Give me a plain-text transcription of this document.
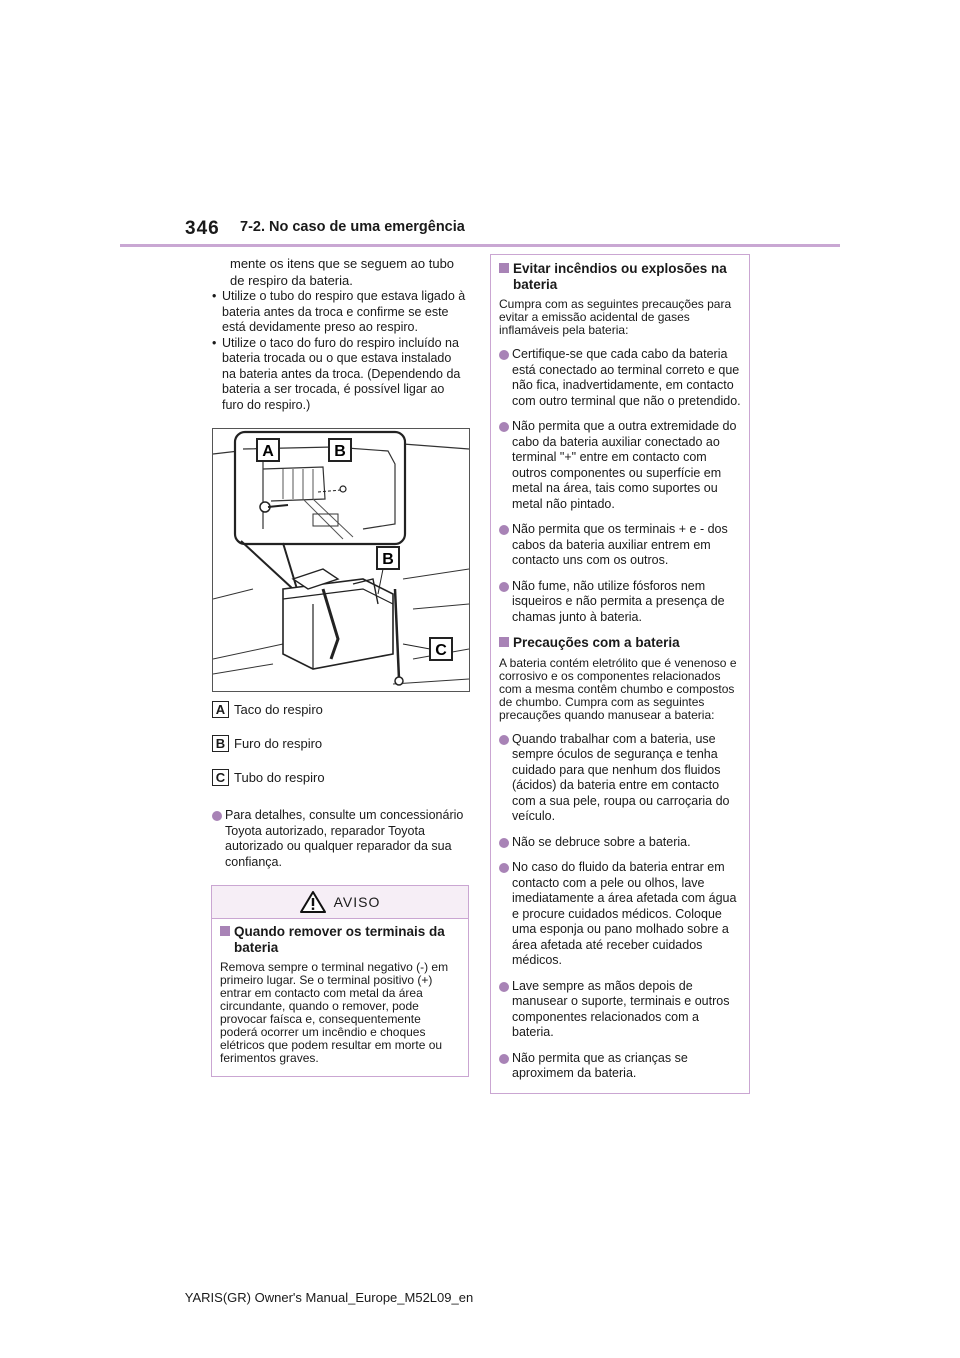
346 7-2. No caso de uma emergência

mente os itens que se seguem ao tubo de respiro da bateria.

• Utilize o tubo do respiro que estava ligado à bateria antes da troca e confirme se este está devidamente preso ao respiro.
• Utilize o taco do furo do respiro incluído na bateria trocada ou o que estava instalado na bateria antes da troca. (Dependendo da bateria a ser trocada, é possível ligar ao furo do respiro.)
A	B
B
C
A Taco do respiro
B Furo do respiro
C Tubo do respiro
Para detalhes, consulte um concessionário Toyota autorizado, reparador Toyota autorizado ou qualquer reparador da sua confiança.
AVISO
Quando remover os terminais da bateria
Remova sempre o terminal negativo (-) em primeiro lugar. Se o terminal positivo (+) entrar em contacto com metal da área circundante, quando o remover, pode provocar faísca e, consequentemente poderá ocorrer um incêndio e choques elétricos que podem resultar em morte ou ferimentos graves.
Evitar incêndios ou explosões na bateria
Cumpra com as seguintes precauções para evitar a emissão acidental de gases inflamáveis pela bateria:
Certifique-se que cada cabo da bateria está conectado ao terminal correto e que não fica, inadvertidamente, em contacto com outro terminal que não o pretendido.
Não permita que a outra extremidade do cabo da bateria auxiliar conectado ao terminal "+" entre em contacto com outros componentes ou superfície em metal na área, tais como suportes ou metal não pintado.
Não permita que os terminais + e - dos cabos da bateria auxiliar entrem em contacto uns com os outros.
Não fume, não utilize fósforos nem isqueiros e não permita a presença de chamas junto à bateria.
Precauções com a bateria
A bateria contém eletrólito que é venenoso e corrosivo e os componentes relacionados com a mesma contêm chumbo e compostos de chumbo. Cumpra com as seguintes precauções quando manusear a bateria:
Quando trabalhar com a bateria, use sempre óculos de segurança e tenha cuidado para que nenhum dos fluidos (ácidos) da bateria entre em contacto com a sua pele, roupa ou carroçaria do veículo.
Não se debruce sobre a bateria.
No caso do fluido da bateria entrar em contacto com a pele ou olhos, lave imediatamente a área afetada com água e procure cuidados médicos. Coloque uma esponja ou pano molhado sobre a área afetada até receber cuidados médicos.
Lave sempre as mãos depois de manusear o suporte, terminais e outros componentes relacionados com a bateria.
Não permita que as crianças se aproximem da bateria.
YARIS(GR) Owner's Manual_Europe_M52L09_en
